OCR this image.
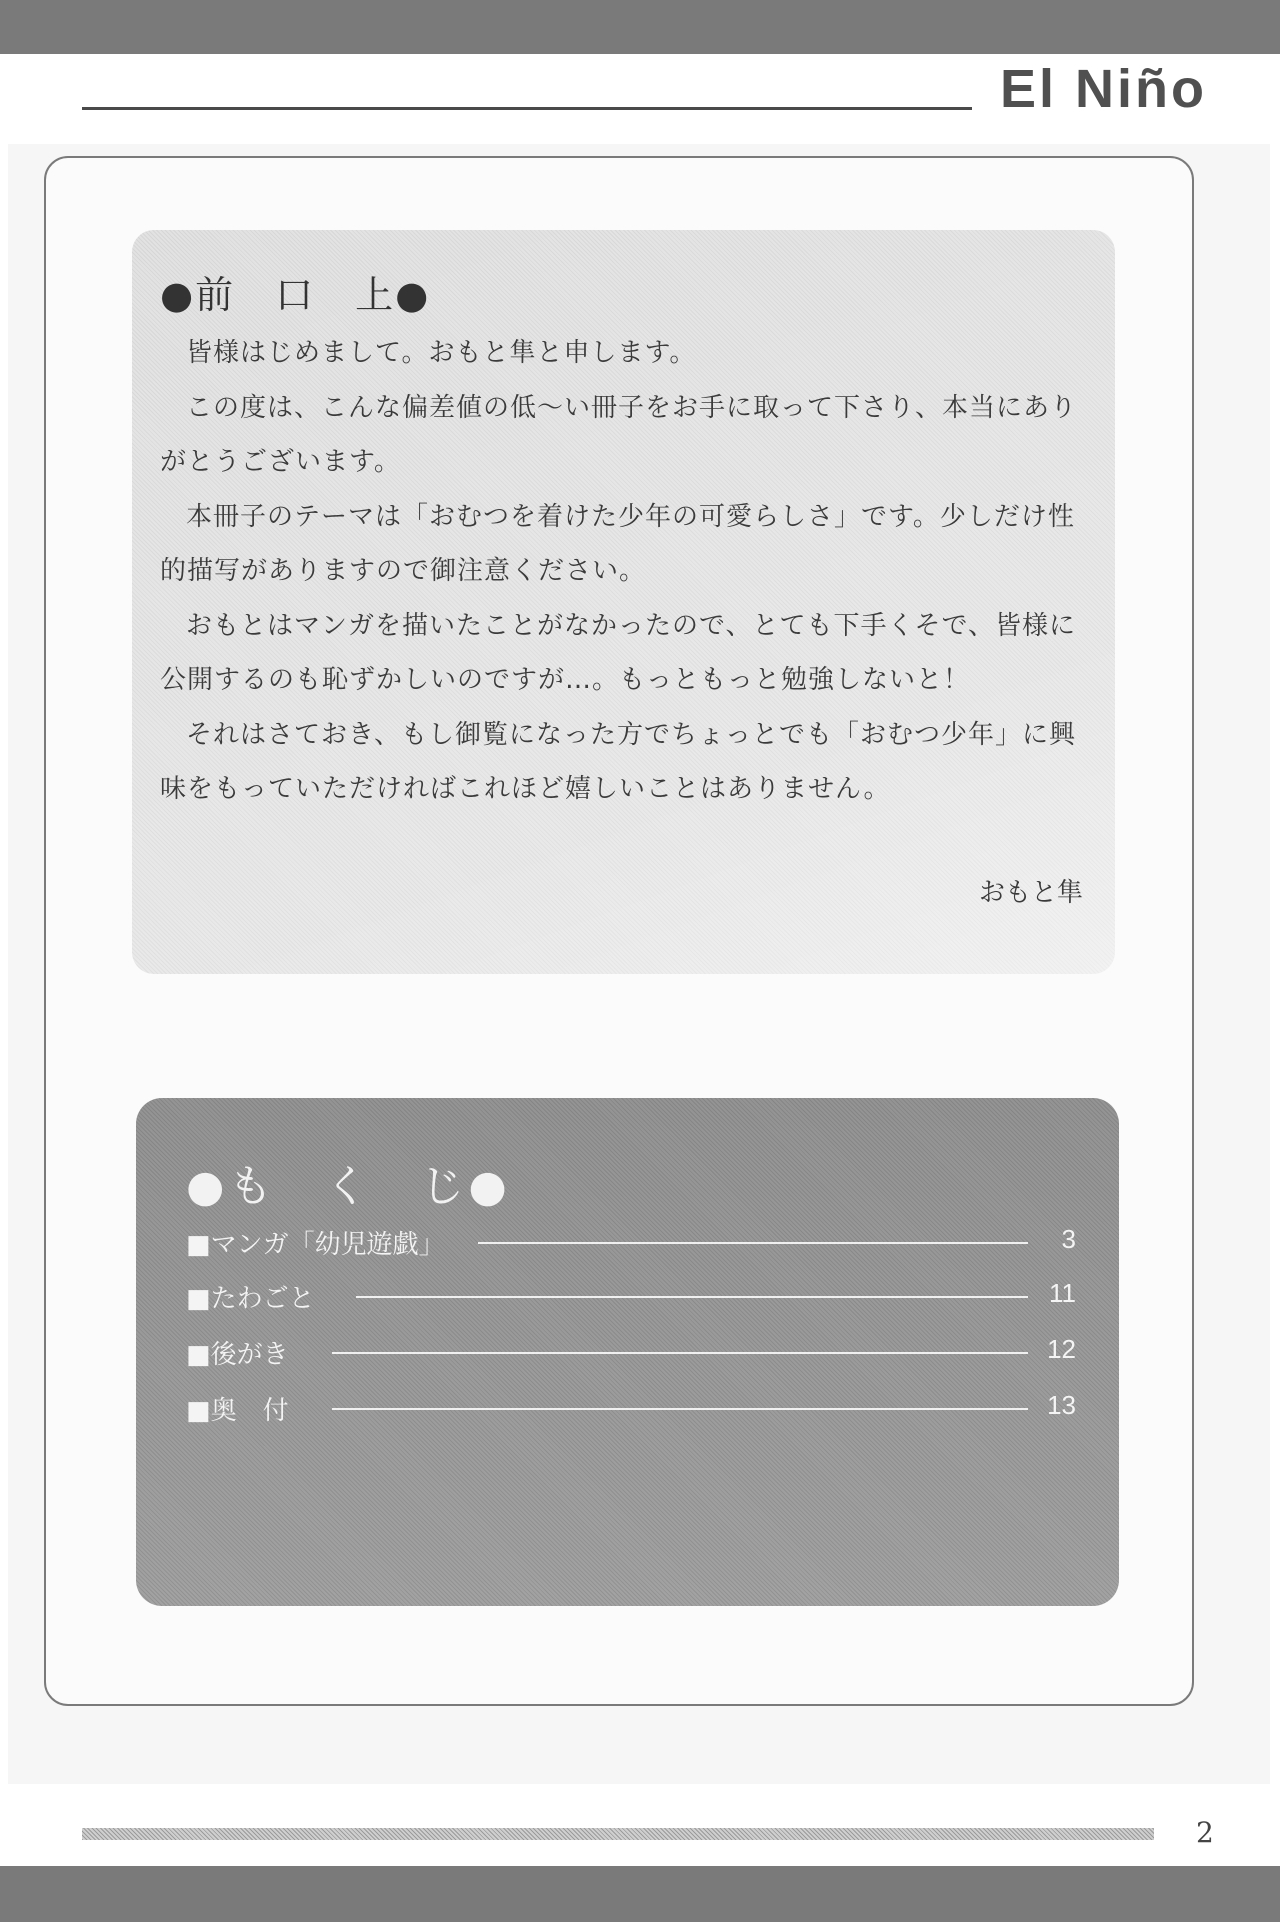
El Niño
●前　口　上●

皆様はじめまして。おもと隼と申します。

この度は、こんな偏差値の低〜い冊子をお手に取って下さり、本当にありがとうございます。

本冊子のテーマは「おむつを着けた少年の可愛らしさ」です。少しだけ性的描写がありますので御注意ください。

おもとはマンガを描いたことがなかったので、とても下手くそで、皆様に公開するのも恥ずかしいのですが…。もっともっと勉強しないと！

それはさておき、もし御覧になった方でちょっとでも「おむつ少年」に興味をもっていただければこれほど嬉しいことはありません。

おもと隼
●も　く　じ●
■マンガ「幼児遊戯」	3
■たわごと	11
■後がき	12
■奥　付	13
2
